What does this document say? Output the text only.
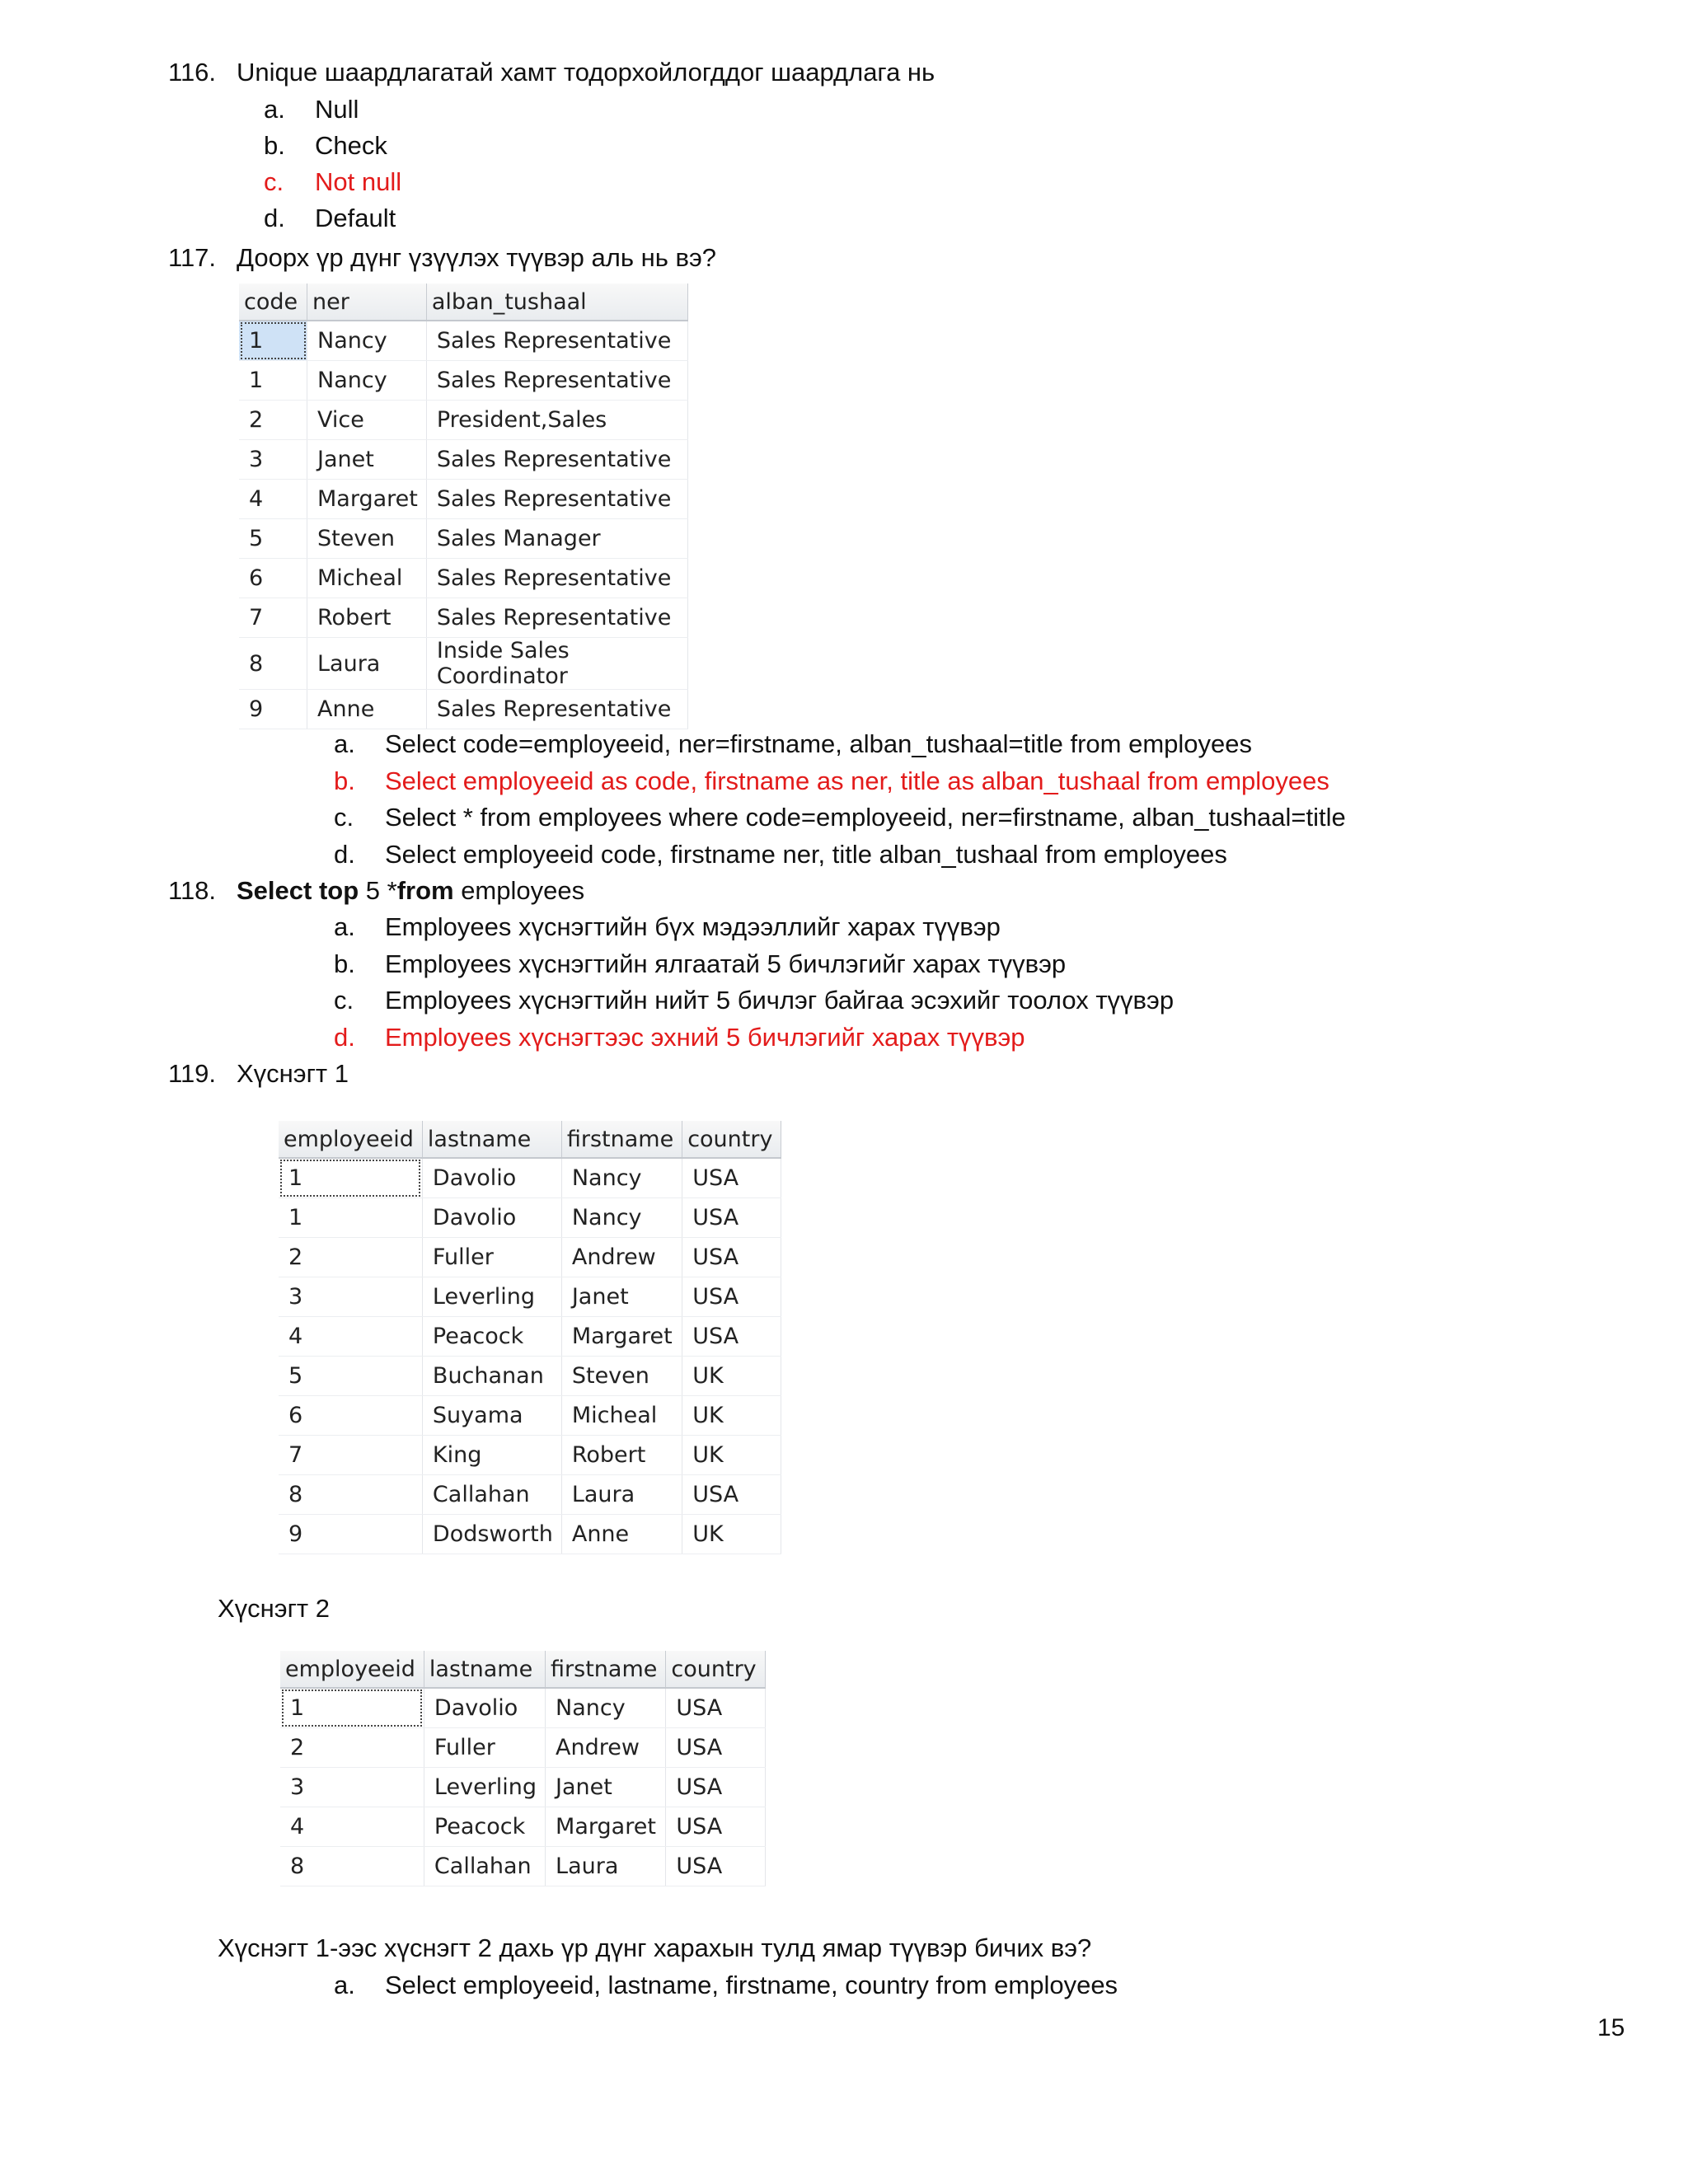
116. Unique шаардлагатай хамт тодорхойлогддог шаардлага нь
a. Null
b. Check
c. Not null
d. Default
117. Доорх үр дүнг үзүүлэх түүвэр аль нь вэ?
code	ner	alban_tushaal
1	Nancy	Sales Representative
1	Nancy	Sales Representative
2	Vice	President,Sales
3	Janet	Sales Representative
4	Margaret	Sales Representative
5	Steven	Sales Manager
6	Micheal	Sales Representative
7	Robert	Sales Representative
8	Laura	Inside Sales Coordinator
9	Anne	Sales Representative
a. Select code=employeeid, ner=firstname, alban_tushaal=title from employees
b. Select employeeid as code, firstname as ner, title as alban_tushaal from employees
c. Select * from employees where code=employeeid, ner=firstname, alban_tushaal=title
d. Select employeeid code, firstname ner, title alban_tushaal from employees
118. Select top 5 *from employees
a. Employees хүснэгтийн бүх мэдээллийг харах түүвэр
b. Employees хүснэгтийн ялгаатай 5 бичлэгийг харах түүвэр
c. Employees хүснэгтийн нийт 5 бичлэг байгаа эсэхийг тоолох түүвэр
d. Employees хүснэгтээс эхний 5 бичлэгийг харах түүвэр
119. Хүснэгт 1
employeeid	lastname	firstname	country
1	Davolio	Nancy	USA
1	Davolio	Nancy	USA
2	Fuller	Andrew	USA
3	Leverling	Janet	USA
4	Peacock	Margaret	USA
5	Buchanan	Steven	UK
6	Suyama	Micheal	UK
7	King	Robert	UK
8	Callahan	Laura	USA
9	Dodsworth	Anne	UK
Хүснэгт 2
employeeid	lastname	firstname	country
1	Davolio	Nancy	USA
2	Fuller	Andrew	USA
3	Leverling	Janet	USA
4	Peacock	Margaret	USA
8	Callahan	Laura	USA
Хүснэгт 1-ээс хүснэгт 2 дахь үр дүнг харахын тулд ямар түүвэр бичих вэ?
a. Select employeeid, lastname, firstname, country from employees
15
